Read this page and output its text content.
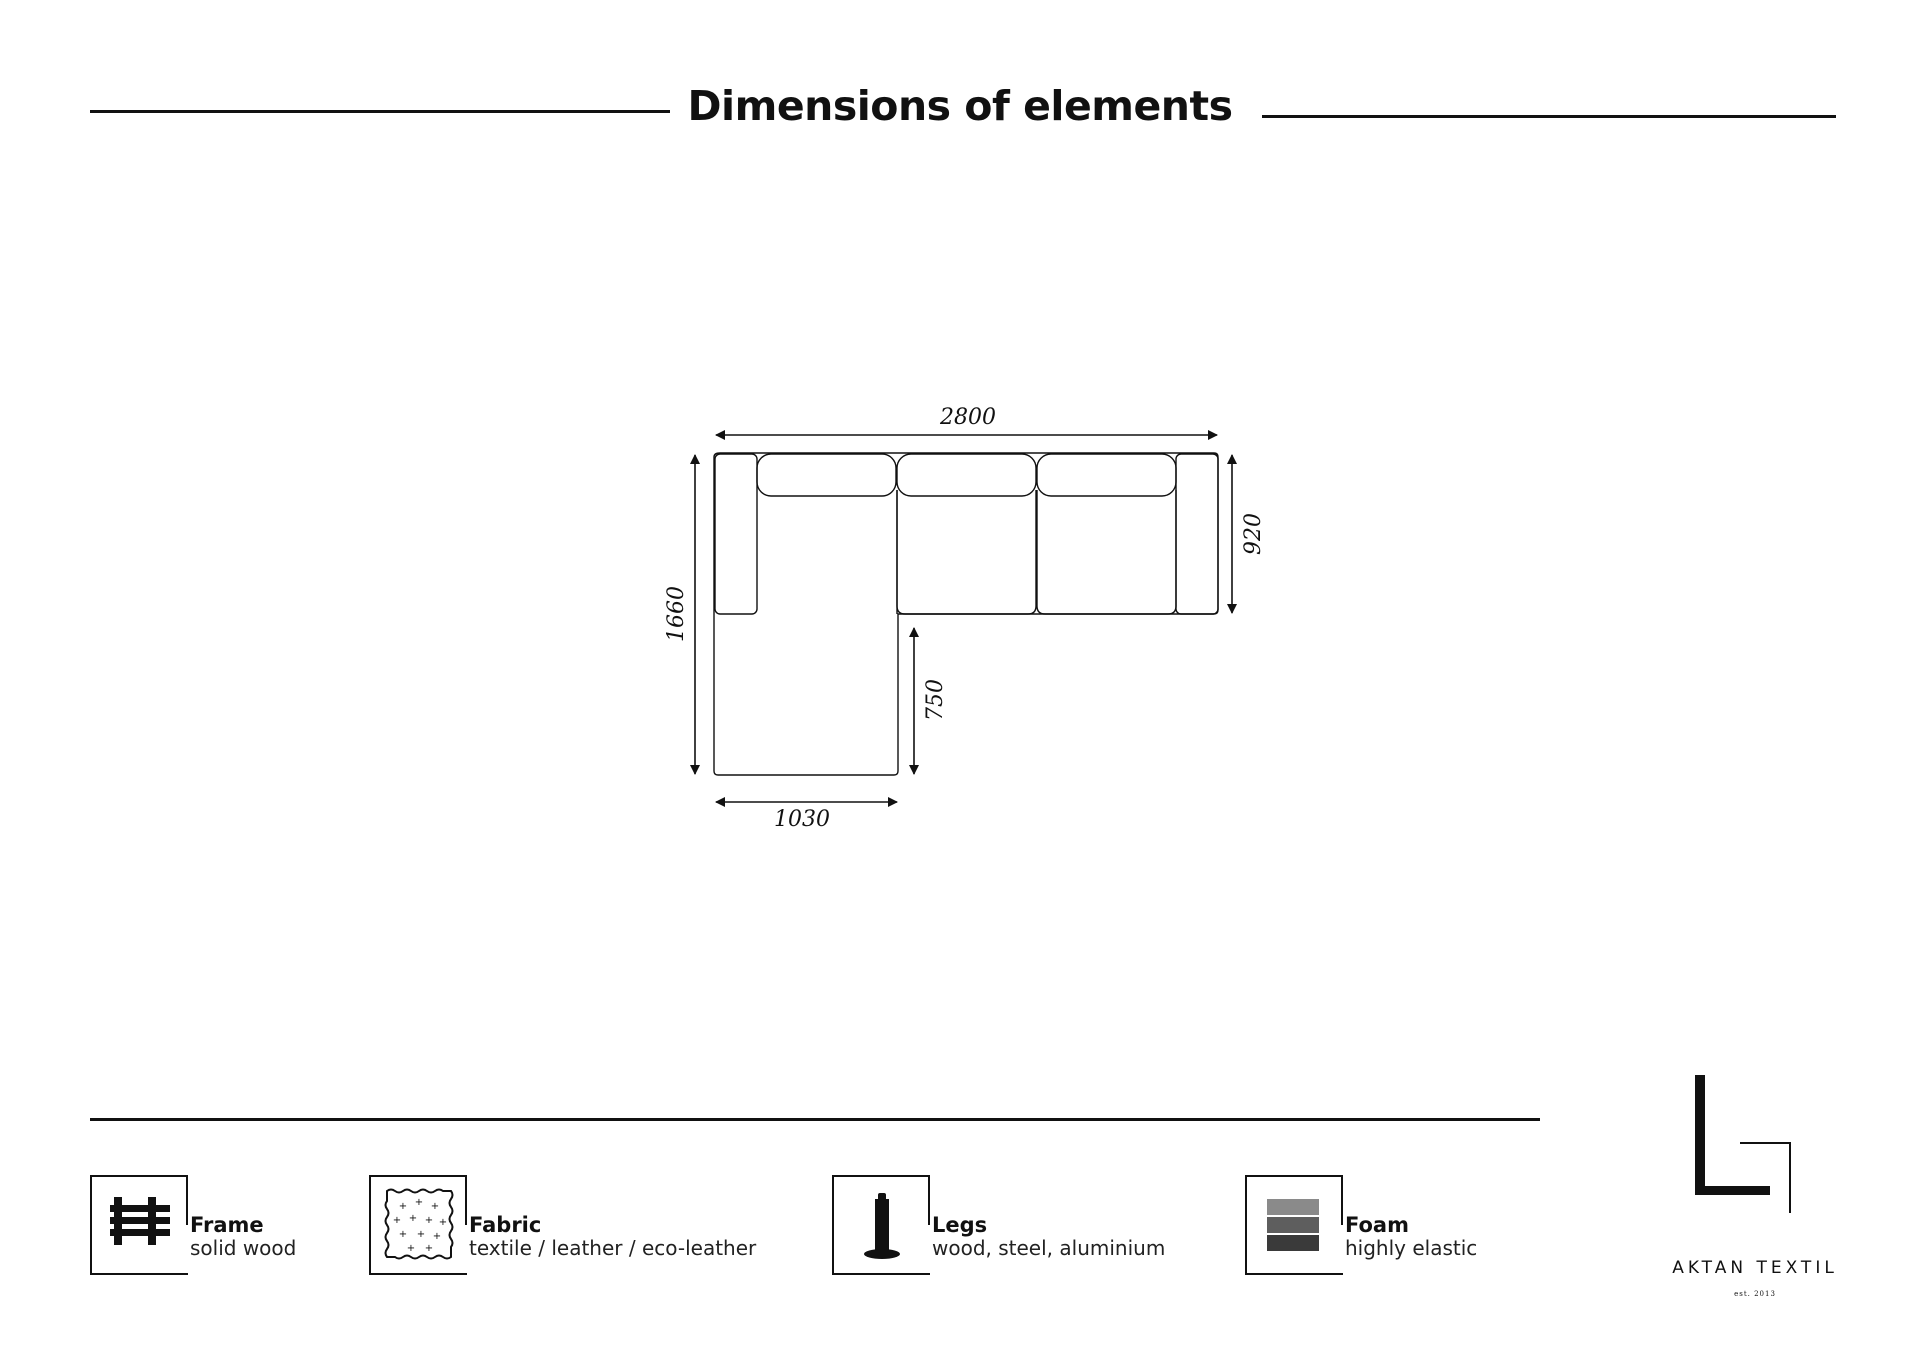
Dimensions of elements
2800
920
1660
750
1030
Frame
solid wood
+ + +
+ + + +
+ + +
+ +
Fabric
textile / leather / eco-leather
Legs
wood, steel, aluminium
Foam
highly elastic
AKTAN TEXTIL
est. 2013
